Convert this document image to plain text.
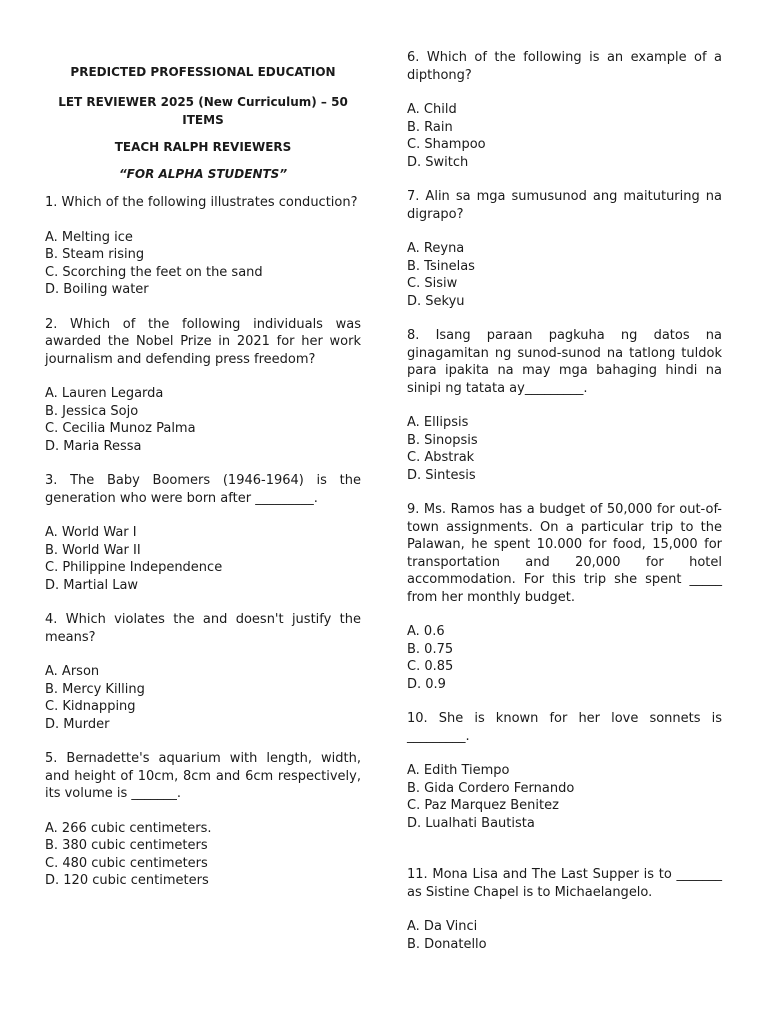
PREDICTED PROFESSIONAL EDUCATION

LET REVIEWER 2025 (New Curriculum) – 50 ITEMS

TEACH RALPH REVIEWERS

“FOR ALPHA STUDENTS”

1. Which of the following illustrates conduction?

A. Melting ice
B. Steam rising
C. Scorching the feet on the sand
D. Boiling water

2. Which of the following individuals was awarded the Nobel Prize in 2021 for her work journalism and defending press freedom?

A. Lauren Legarda
B. Jessica Sojo
C. Cecilia Munoz Palma
D. Maria Ressa

3. The Baby Boomers (1946-1964) is the generation who were born after _________.

A. World War I
B. World War II
C. Philippine Independence
D. Martial Law

4. Which violates the and doesn't justify the means?

A. Arson
B. Mercy Killing
C. Kidnapping
D. Murder

5. Bernadette's aquarium with length, width, and height of 10cm, 8cm and 6cm respectively, its volume is _______.

A. 266 cubic centimeters.
B. 380 cubic centimeters
C. 480 cubic centimeters
D. 120 cubic centimeters

6. Which of the following is an example of a dipthong?

A. Child
B. Rain
C. Shampoo
D. Switch

7. Alin sa mga sumusunod ang maituturing na digrapo?

A. Reyna
B. Tsinelas
C. Sisiw
D. Sekyu

8. Isang paraan pagkuha ng datos na ginagamitan ng sunod-sunod na tatlong tuldok para ipakita na may mga bahaging hindi na sinipi ng tatata ay_________.

A. Ellipsis
B. Sinopsis
C. Abstrak
D. Sintesis

9. Ms. Ramos has a budget of 50,000 for out-of-town assignments. On a particular trip to the Palawan, he spent 10.000 for food, 15,000 for transportation and 20,000 for hotel accommodation. For this trip she spent _____ from her monthly budget.

A. 0.6
B. 0.75
C. 0.85
D. 0.9

10. She is known for her love sonnets is _________.

A. Edith Tiempo
B. Gida Cordero Fernando
C. Paz Marquez Benitez
D. Lualhati Bautista

11. Mona Lisa and The Last Supper is to _______ as Sistine Chapel is to Michaelangelo.

A. Da Vinci
B. Donatello
